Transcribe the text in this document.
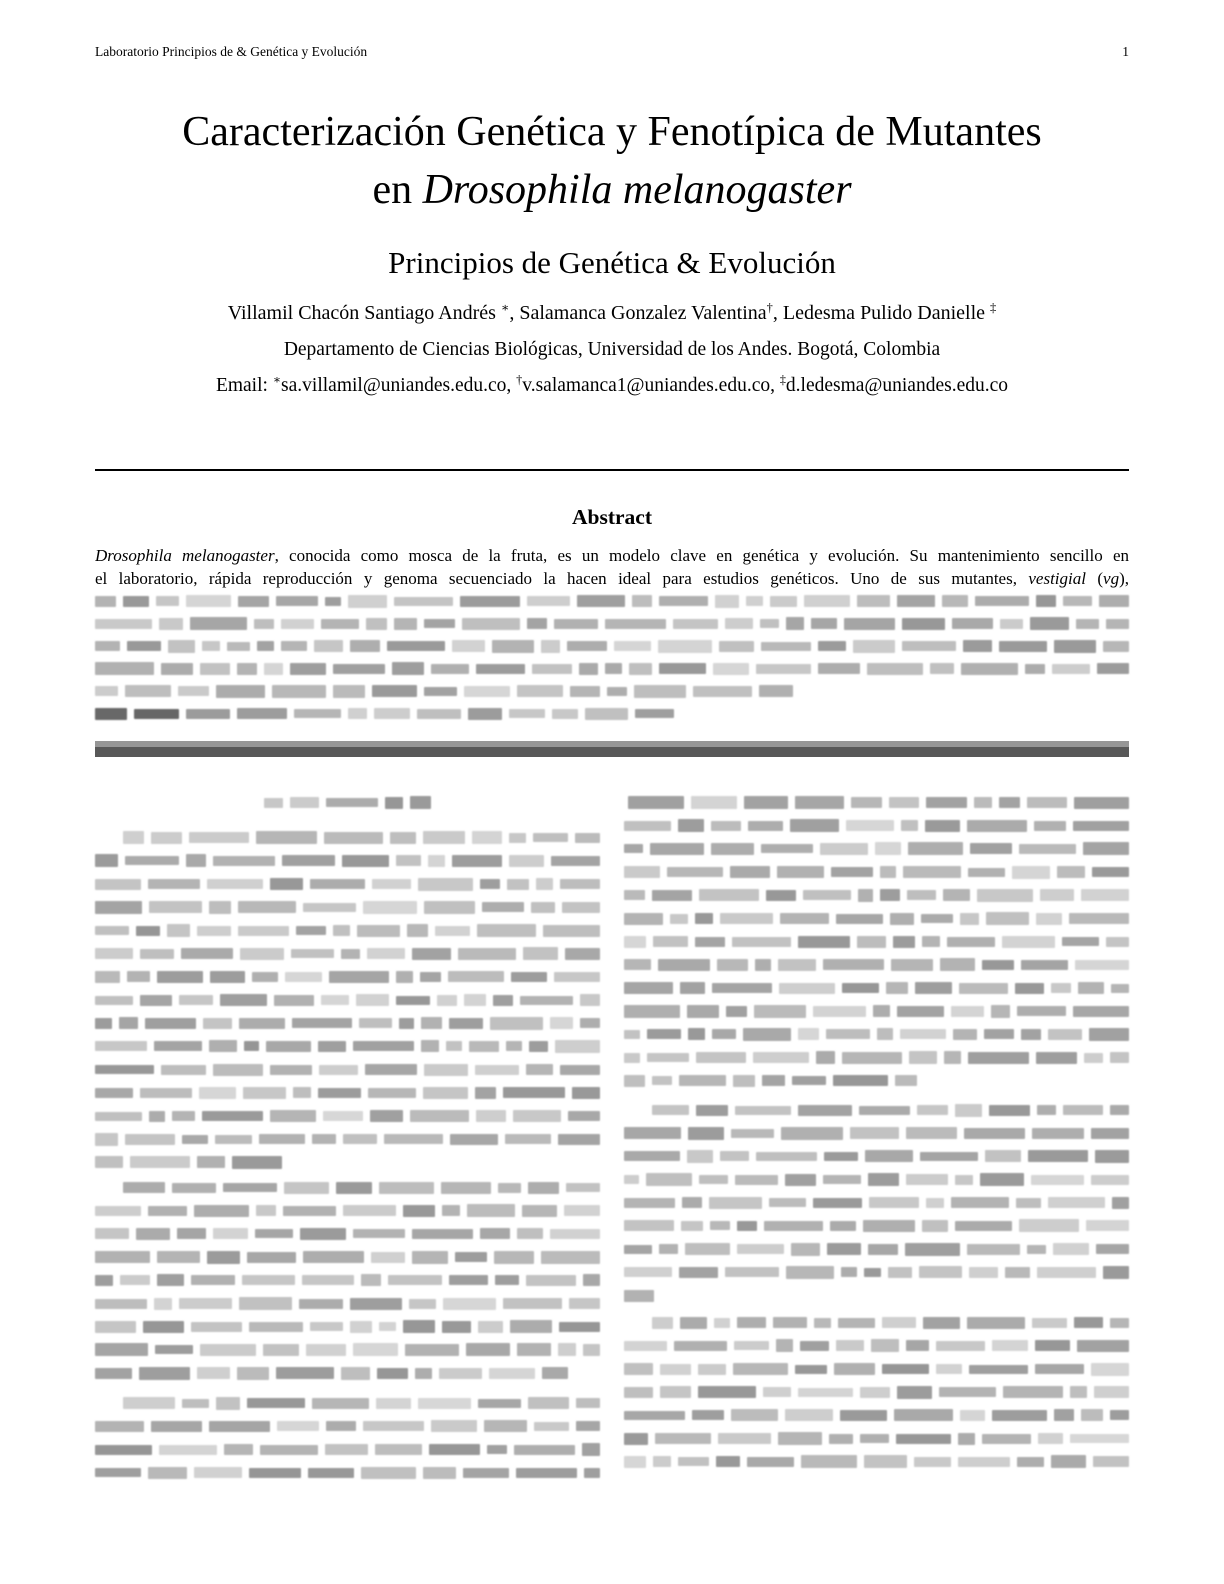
Laboratorio Principios de & Genética y Evolución	1
Caracterización Genética y Fenotípica de Mutantes
en Drosophila melanogaster
Principios de Genética & Evolución
Villamil Chacón Santiago Andrés ∗, Salamanca Gonzalez Valentina†, Ledesma Pulido Danielle ‡
Departamento de Ciencias Biológicas, Universidad de los Andes. Bogotá, Colombia
Email: ∗sa.villamil@uniandes.edu.co, †v.salamanca1@uniandes.edu.co, ‡d.ledesma@uniandes.edu.co
Abstract
Drosophila melanogaster, conocida como mosca de la fruta, es un modelo clave en genética y evolución. Su mantenimiento sencillo en
el laboratorio, rápida reproducción y genoma secuenciado la hacen ideal para estudios genéticos. Uno de sus mutantes, vestigial (vg),
